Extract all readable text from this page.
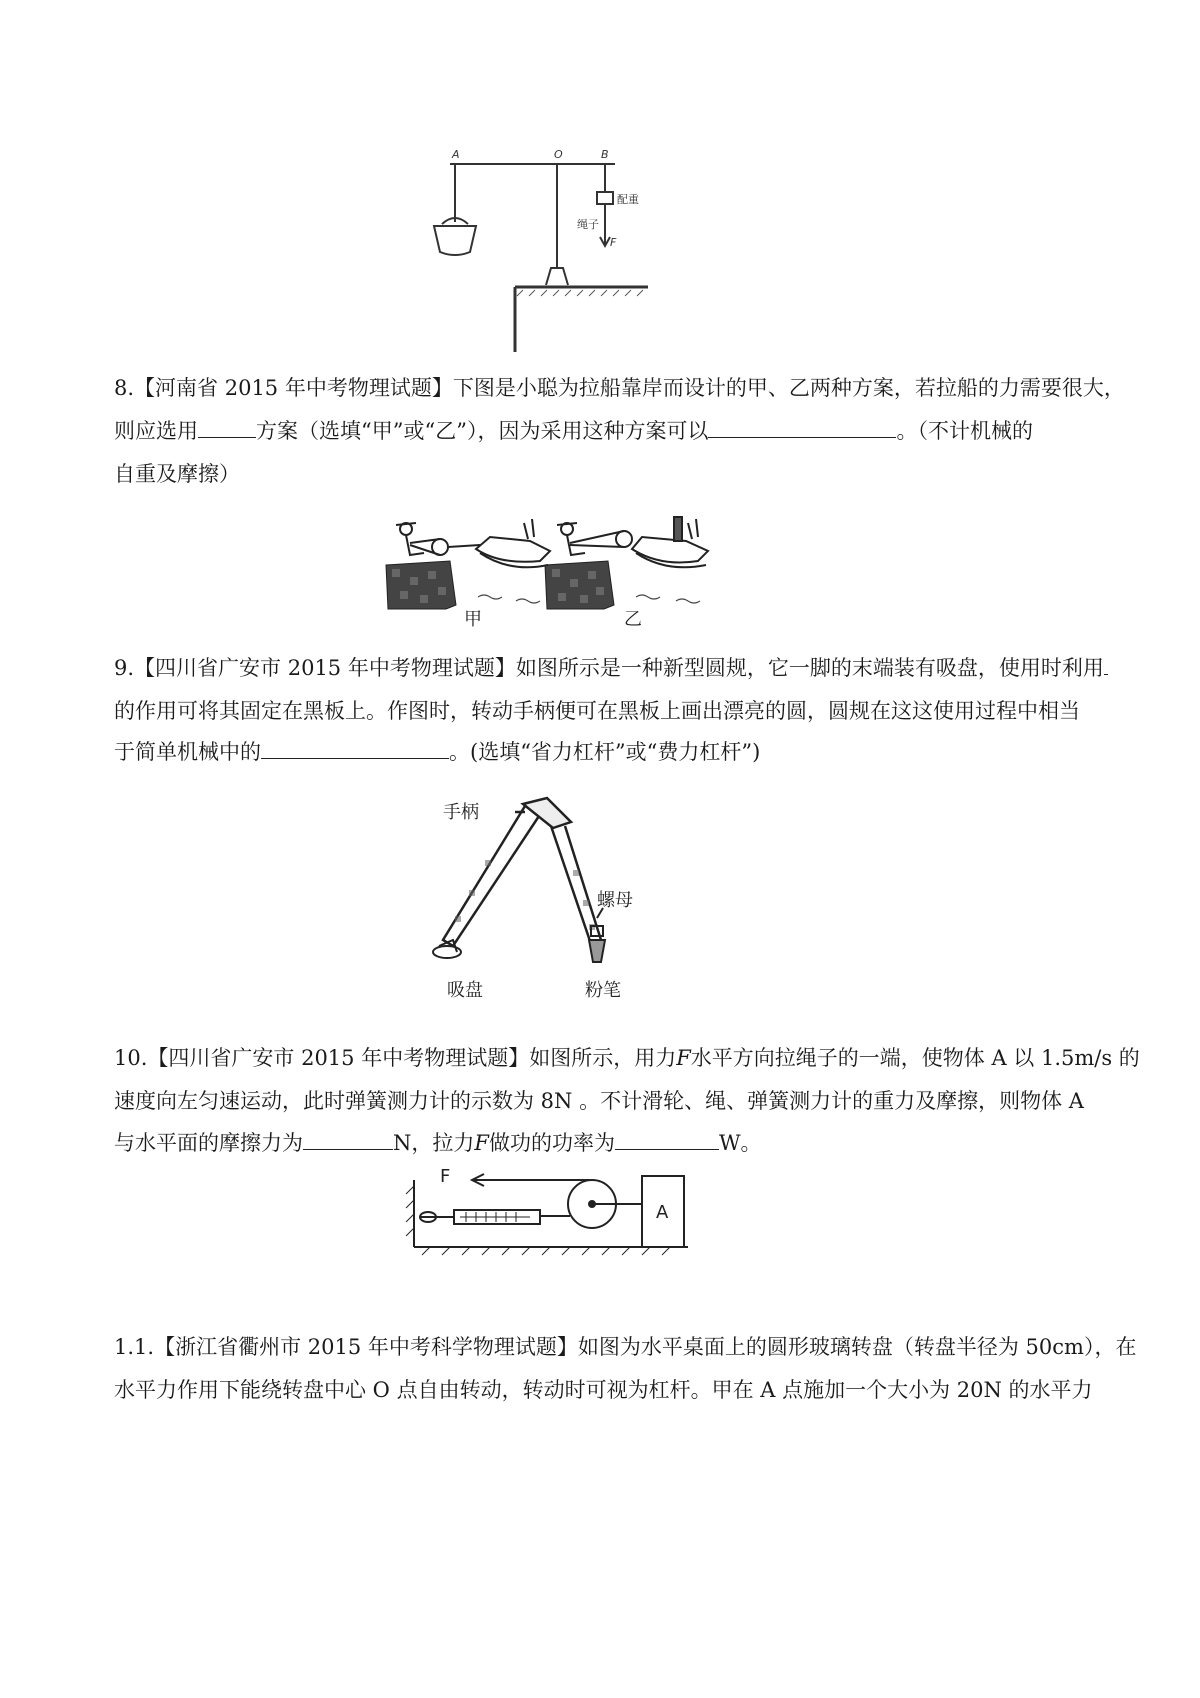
A	O	B
配重
绳子
F
8.【河南省 2015 年中考物理试题】下图是小聪为拉船靠岸而设计的甲、乙两种方案，若拉船的力需要很大，
则应选用	方案（选填“甲”或“乙”），因为采用这种方案可以	。（不计机械的
自重及摩擦）
甲	乙
9.【四川省广安市 2015 年中考物理试题】如图所示是一种新型圆规，它一脚的末端装有吸盘，使用时利用
的作用可将其固定在黑板上。作图时，转动手柄便可在黑板上画出漂亮的圆，圆规在这这使用过程中相当
于简单机械中的	。(选填“省力杠杆”或“费力杠杆”)
手柄
螺母
吸盘	粉笔
10.【四川省广安市 2015 年中考物理试题】如图所示，用力F水平方向拉绳子的一端，使物体 A 以 1.5m/s 的
速度向左匀速运动，此时弹簧测力计的示数为 8N 。不计滑轮、绳、弹簧测力计的重力及摩擦，则物体 A
与水平面的摩擦力为	N，拉力F做功的功率为	W。
F
A
1.1.【浙江省衢州市 2015 年中考科学物理试题】如图为水平桌面上的圆形玻璃转盘（转盘半径为 50cm），在
水平力作用下能绕转盘中心 O 点自由转动，转动时可视为杠杆。甲在 A 点施加一个大小为 20N 的水平力
